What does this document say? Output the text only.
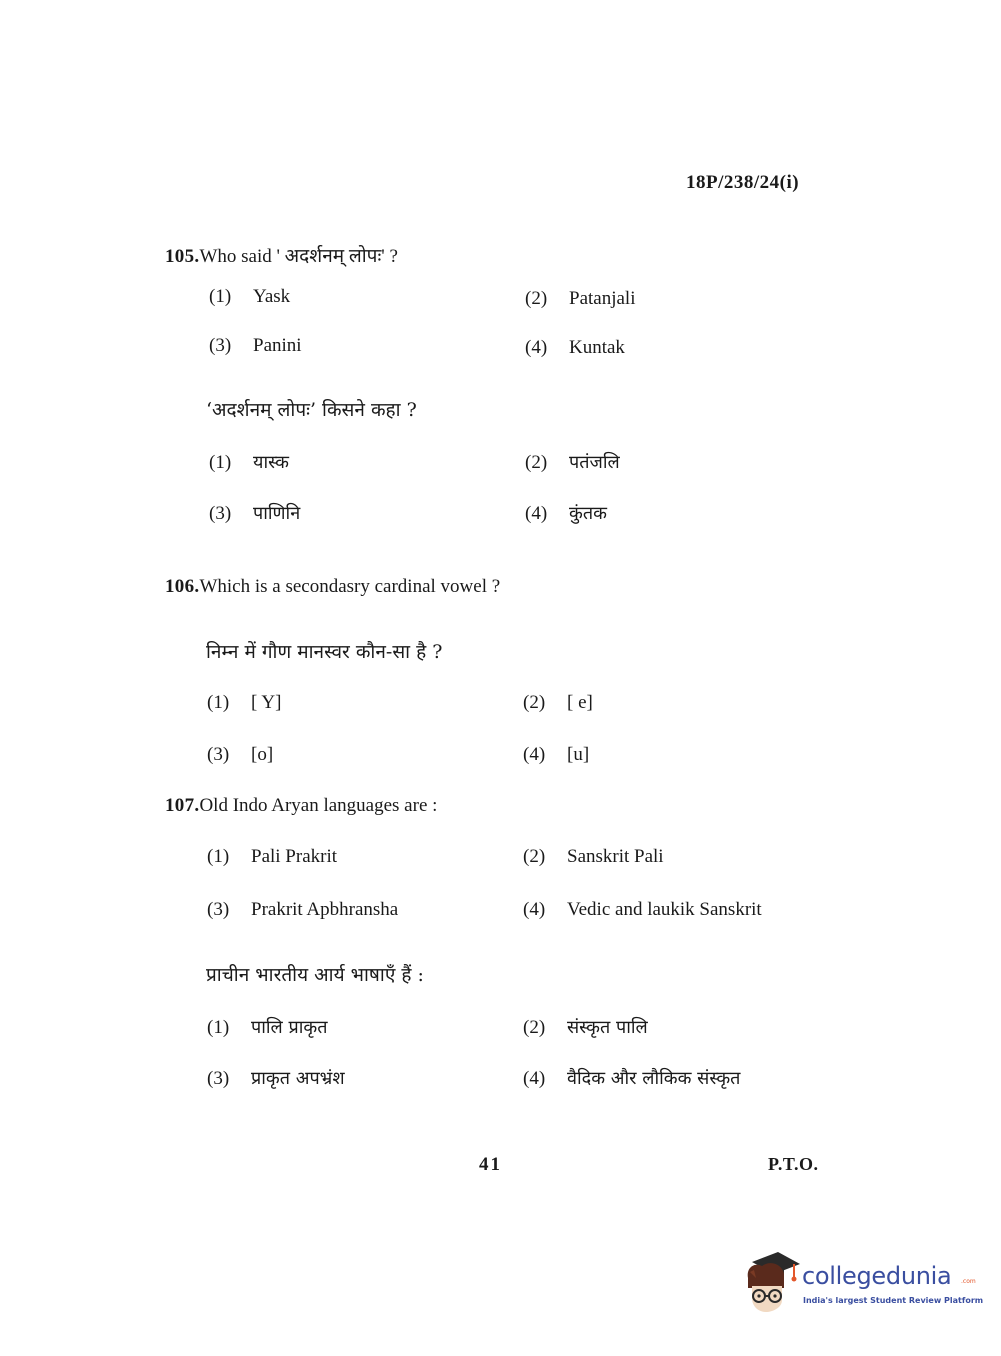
18P/238/24(i)
105.Who said ' अदर्शनम् लोपः' ?
(1)	Yask	(2)	Patanjali
(3)	Panini	(4)	Kuntak
‘अदर्शनम् लोपः’ किसने कहा ?
(1)	यास्क	(2)	पतंजलि
(3)	पाणिनि	(4)	कुंतक
106.Which is a secondasry cardinal vowel ?
निम्न में गौण मानस्वर कौन-सा है ?
(1)	[ Y]	(2)	[ e]
(3)	[o]	(4)	[u]
107.Old Indo Aryan languages are :
(1)	Pali Prakrit	(2)	Sanskrit Pali
(3)	Prakrit Apbhransha	(4)	Vedic and laukik Sanskrit
प्राचीन भारतीय आर्य भाषाएँ हैं :
(1)	पालि प्राकृत	(2)	संस्कृत पालि
(3)	प्राकृत अपभ्रंश	(4)	वैदिक और लौकिक संस्कृत
41	P.T.O.
collegedunia .com
India's largest Student Review Platform
